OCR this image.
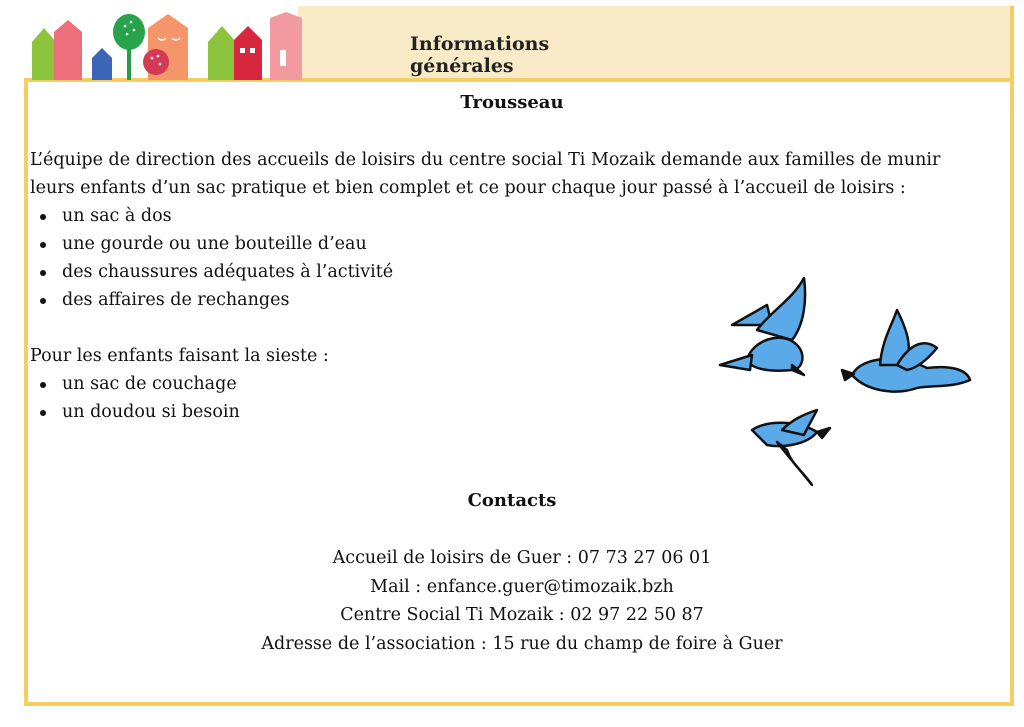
Informations générales
Trousseau

L’équipe de direction des accueils de loisirs du centre social Ti Mozaik demande aux familles de munir leurs enfants d’un sac pratique et bien complet et ce pour chaque jour passé à l’accueil de loisirs :

un sac à dos
une gourde ou une bouteille d’eau
des chaussures adéquates à l’activité
des affaires de rechanges

Pour les enfants faisant la sieste :

un sac de couchage
un doudou si besoin
Contacts
Accueil de loisirs de Guer : 07 73 27 06 01
Mail : enfance.guer@timozaik.bzh
Centre Social Ti Mozaik : 02 97 22 50 87
Adresse de l’association : 15 rue du champ de foire à Guer
